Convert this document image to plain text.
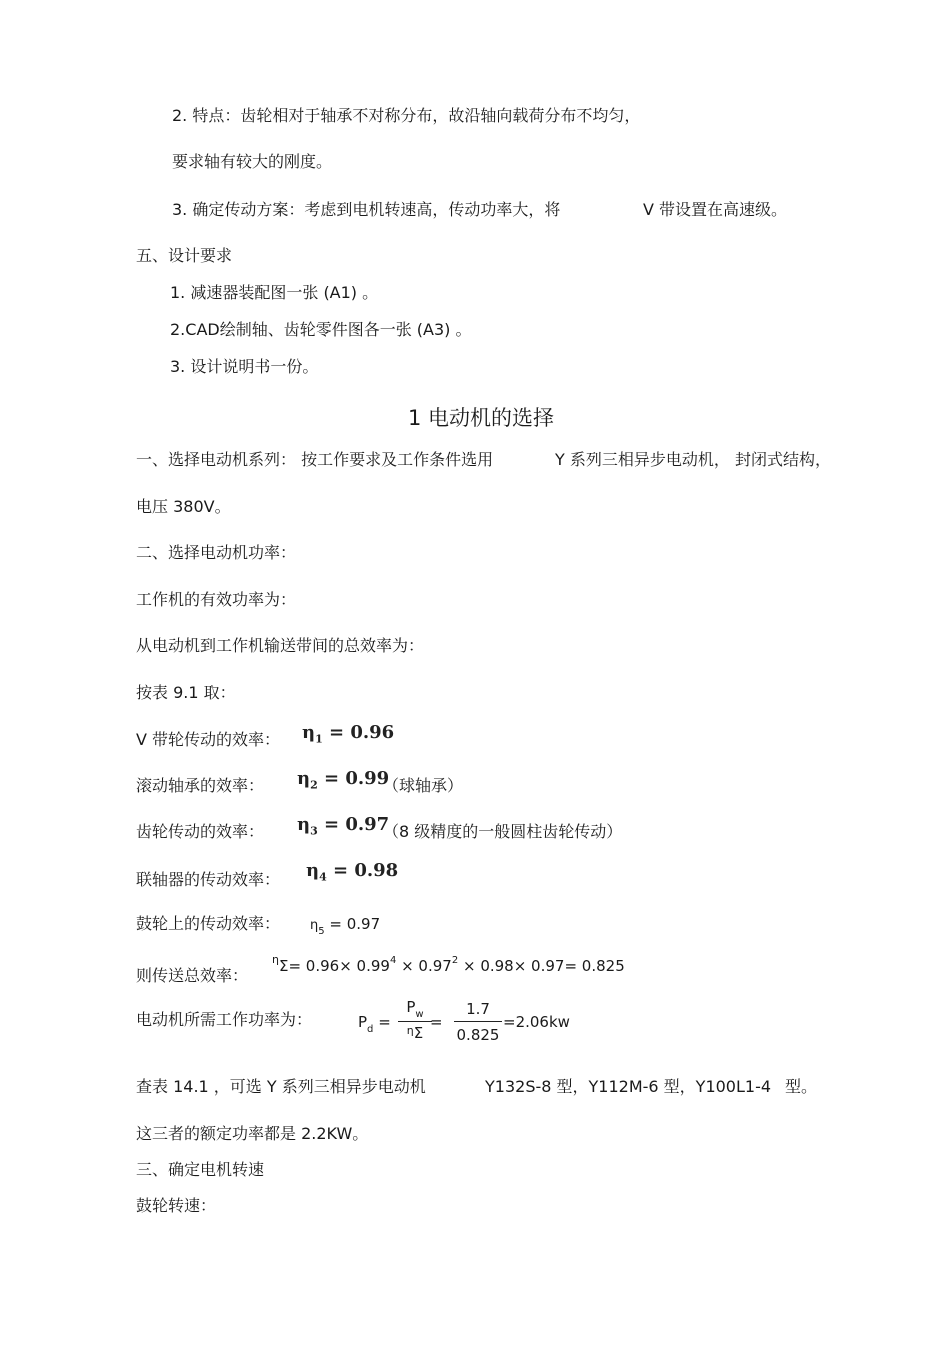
2. 特点：齿轮相对于轴承不对称分布，故沿轴向载荷分布不均匀，
要求轴有较大的刚度。
3. 确定传动方案：考虑到电机转速高，传动功率大，将	V 带设置在高速级。
五、设计要求
1. 减速器装配图一张 (A1) 。
2.CAD绘制轴、齿轮零件图各一张 (A3) 。
3. 设计说明书一份。
1 电动机的选择
一、选择电动机系列： 按工作要求及工作条件选用	Y 系列三相异步电动机， 封闭式结构，
电压 380V。
二、选择电动机功率：
工作机的有效功率为：
从电动机到工作机输送带间的总效率为：
按表 9.1 取：
V 带轮传动的效率： $\eta_1 = 0.96$
滚动轴承的效率： $\eta_2 = 0.99$
（球轴承）
齿轮传动的效率： $\eta_3 = 0.97$
（8 级精度的一般圆柱齿轮传动）
联轴器的传动效率： $\eta_4 = 0.98$
鼓轮上的传动效率： $\eta_5 = 0.97$
则传送总效率：
$^\eta\Sigma= 0.96\times 0.99^4 \times 0.97^2 \times 0.98\times 0.97= 0.825$
电动机所需工作功率为：	$P_d$ =
$P_w$
$^\eta$Σ
=
1.7
0.825
=2.06kw
查表 14.1 ，可选 Y 系列三相异步电动机	Y132S-8 型，Y112M-6 型，Y100L1-4 型。
这三者的额定功率都是 2.2KW。
三、确定电机转速
鼓轮转速：
